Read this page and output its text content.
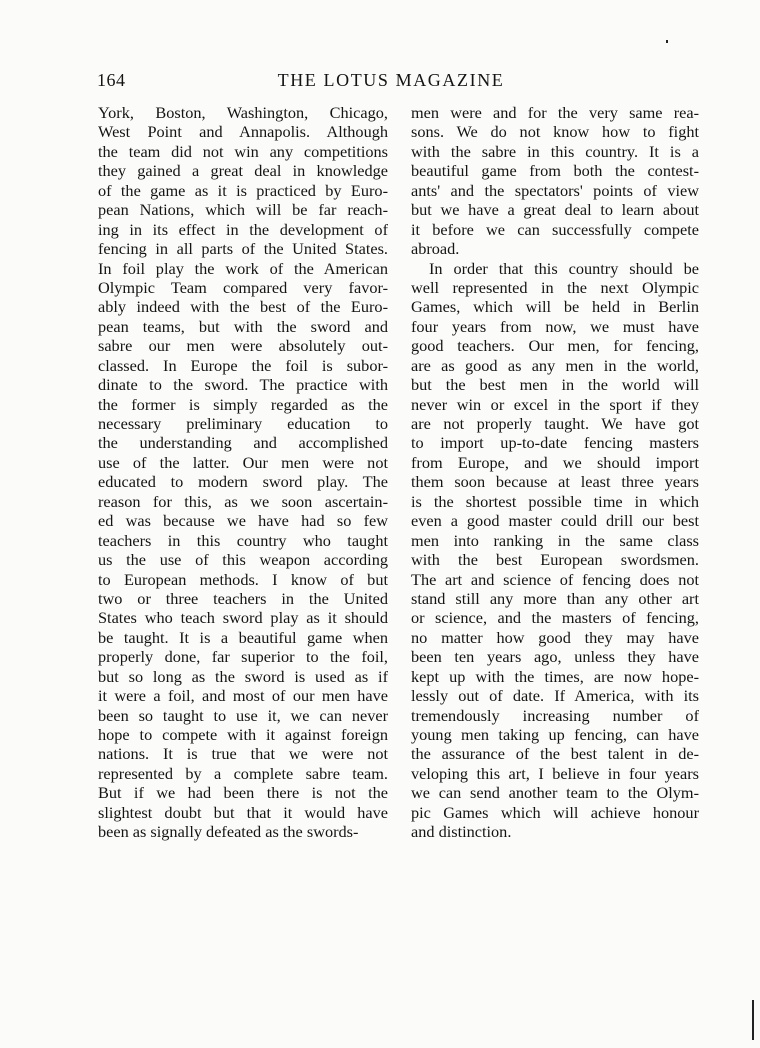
164	THE LOTUS MAGAZINE
York, Boston, Washington, Chicago,
West Point and Annapolis. Although
the team did not win any competitions
they gained a great deal in knowledge
of the game as it is practiced by Euro-
pean Nations, which will be far reach-
ing in its effect in the development of
fencing in all parts of the United States.
In foil play the work of the American
Olympic Team compared very favor-
ably indeed with the best of the Euro-
pean teams, but with the sword and
sabre our men were absolutely out-
classed. In Europe the foil is subor-
dinate to the sword. The practice with
the former is simply regarded as the
necessary preliminary education to
the understanding and accomplished
use of the latter. Our men were not
educated to modern sword play. The
reason for this, as we soon ascertain-
ed was because we have had so few
teachers in this country who taught
us the use of this weapon according
to European methods. I know of but
two or three teachers in the United
States who teach sword play as it should
be taught. It is a beautiful game when
properly done, far superior to the foil,
but so long as the sword is used as if
it were a foil, and most of our men have
been so taught to use it, we can never
hope to compete with it against foreign
nations. It is true that we were not
represented by a complete sabre team.
But if we had been there is not the
slightest doubt but that it would have
been as signally defeated as the swords-
men were and for the very same rea-
sons. We do not know how to fight
with the sabre in this country. It is a
beautiful game from both the contest-
ants' and the spectators' points of view
but we have a great deal to learn about
it before we can successfully compete
abroad.
In order that this country should be
well represented in the next Olympic
Games, which will be held in Berlin
four years from now, we must have
good teachers. Our men, for fencing,
are as good as any men in the world,
but the best men in the world will
never win or excel in the sport if they
are not properly taught. We have got
to import up-to-date fencing masters
from Europe, and we should import
them soon because at least three years
is the shortest possible time in which
even a good master could drill our best
men into ranking in the same class
with the best European swordsmen.
The art and science of fencing does not
stand still any more than any other art
or science, and the masters of fencing,
no matter how good they may have
been ten years ago, unless they have
kept up with the times, are now hope-
lessly out of date. If America, with its
tremendously increasing number of
young men taking up fencing, can have
the assurance of the best talent in de-
veloping this art, I believe in four years
we can send another team to the Olym-
pic Games which will achieve honour
and distinction.
